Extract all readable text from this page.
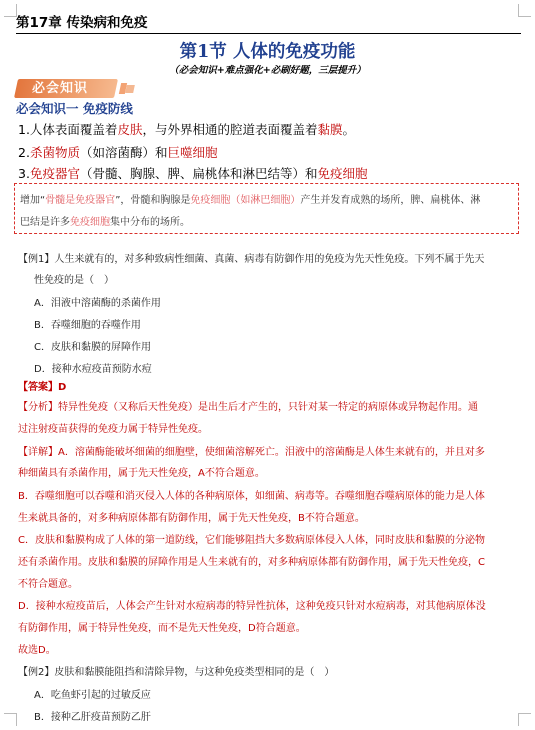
第17章 传染病和免疫
第1节 人体的免疫功能
（必会知识+难点强化+必刷好题，三层提升）
必会知识
必会知识一 免疫防线
1.人体表面覆盖着皮肤，与外界相通的腔道表面覆盖着黏膜。
2.杀菌物质（如溶菌酶）和巨噬细胞
3.免疫器官（骨髓、胸腺、脾、扁桃体和淋巴结等）和免疫细胞
增加“骨髓是免疫器官”，骨髓和胸腺是免疫细胞（如淋巴细胞）产生并发育成熟的场所，脾、扁桃体、淋
巴结是许多免疫细胞集中分布的场所。
【例1】人生来就有的，对多种致病性细菌、真菌、病毒有防御作用的免疫为先天性免疫。下列不属于先天
性免疫的是（　）
A．泪液中溶菌酶的杀菌作用
B．吞噬细胞的吞噬作用
C．皮肤和黏膜的屏障作用
D．接种水痘疫苗预防水痘
【答案】D
【分析】特异性免疫（又称后天性免疫）是出生后才产生的，只针对某一特定的病原体或异物起作用。通
过注射疫苗获得的免疫力属于特异性免疫。
【详解】A．溶菌酶能破坏细菌的细胞壁，使细菌溶解死亡。泪液中的溶菌酶是人体生来就有的，并且对多
种细菌具有杀菌作用，属于先天性免疫，A不符合题意。
B．吞噬细胞可以吞噬和消灭侵入人体的各种病原体，如细菌、病毒等。吞噬细胞吞噬病原体的能力是人体
生来就具备的，对多种病原体都有防御作用，属于先天性免疫，B不符合题意。
C．皮肤和黏膜构成了人体的第一道防线，它们能够阻挡大多数病原体侵入人体，同时皮肤和黏膜的分泌物
还有杀菌作用。皮肤和黏膜的屏障作用是人生来就有的，对多种病原体都有防御作用，属于先天性免疫，C
不符合题意。
D．接种水痘疫苗后，人体会产生针对水痘病毒的特异性抗体，这种免疫只针对水痘病毒，对其他病原体没
有防御作用，属于特异性免疫，而不是先天性免疫，D符合题意。
故选D。
【例2】皮肤和黏膜能阻挡和清除异物，与这种免疫类型相同的是（　）
A．吃鱼虾引起的过敏反应
B．接种乙肝疫苗预防乙肝
